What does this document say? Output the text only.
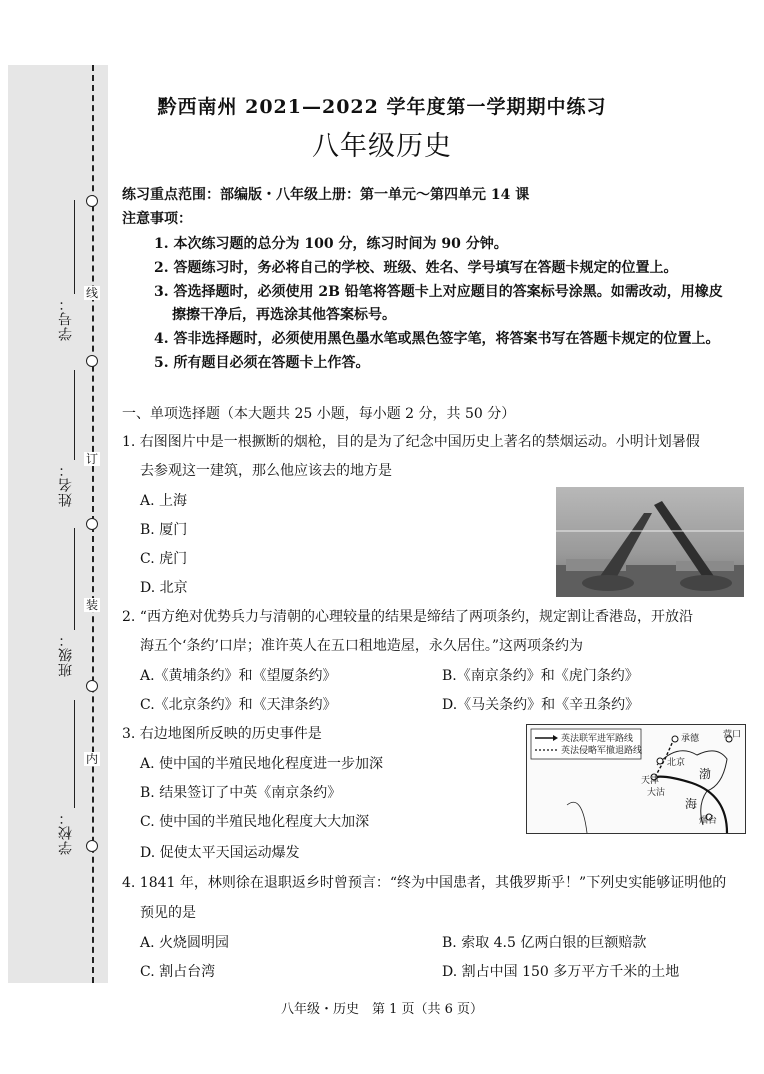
线
订
装
内
学校：
班级：
姓名：
学号：
黔西南州 2021—2022 学年度第一学期期中练习
八年级历史
练习重点范围：部编版・八年级上册：第一单元～第四单元 14 课
注意事项：
1. 本次练习题的总分为 100 分，练习时间为 90 分钟。
2. 答题练习时，务必将自己的学校、班级、姓名、学号填写在答题卡规定的位置上。
3. 答选择题时，必须使用 2B 铅笔将答题卡上对应题目的答案标号涂黑。如需改动，用橡皮
擦擦干净后，再选涂其他答案标号。
4. 答非选择题时，必须使用黑色墨水笔或黑色签字笔，将答案书写在答题卡规定的位置上。
5. 所有题目必须在答题卡上作答。
一、单项选择题（本大题共 25 小题，每小题 2 分，共 50 分）
1. 右图图片中是一根撅断的烟枪，目的是为了纪念中国历史上著名的禁烟运动。小明计划暑假
去参观这一建筑，那么他应该去的地方是
A. 上海
B. 厦门
C. 虎门
D. 北京
2. “西方绝对优势兵力与清朝的心理较量的结果是缔结了两项条约，规定割让香港岛，开放沿
海五个‘条约’口岸；准许英人在五口租地造屋，永久居住。”这两项条约为
A.《黄埔条约》和《望厦条约》	B.《南京条约》和《虎门条约》
C.《北京条约》和《天津条约》	D.《马关条约》和《辛丑条约》
3. 右边地图所反映的历史事件是
A. 使中国的半殖民地化程度进一步加深
B. 结果签订了中英《南京条约》
C. 使中国的半殖民地化程度大大加深
D. 促使太平天国运动爆发
英法联军进军路线
英法侵略军撤退路线
承德
北京
天津
营口
大沽
渤
海
烟台
4. 1841 年，林则徐在退职返乡时曾预言：“终为中国患者，其俄罗斯乎！”下列史实能够证明他的
预见的是
A. 火烧圆明园	B. 索取 4.5 亿两白银的巨额赔款
C. 割占台湾	D. 割占中国 150 多万平方千米的土地
八年级・历史　第 1 页（共 6 页）
